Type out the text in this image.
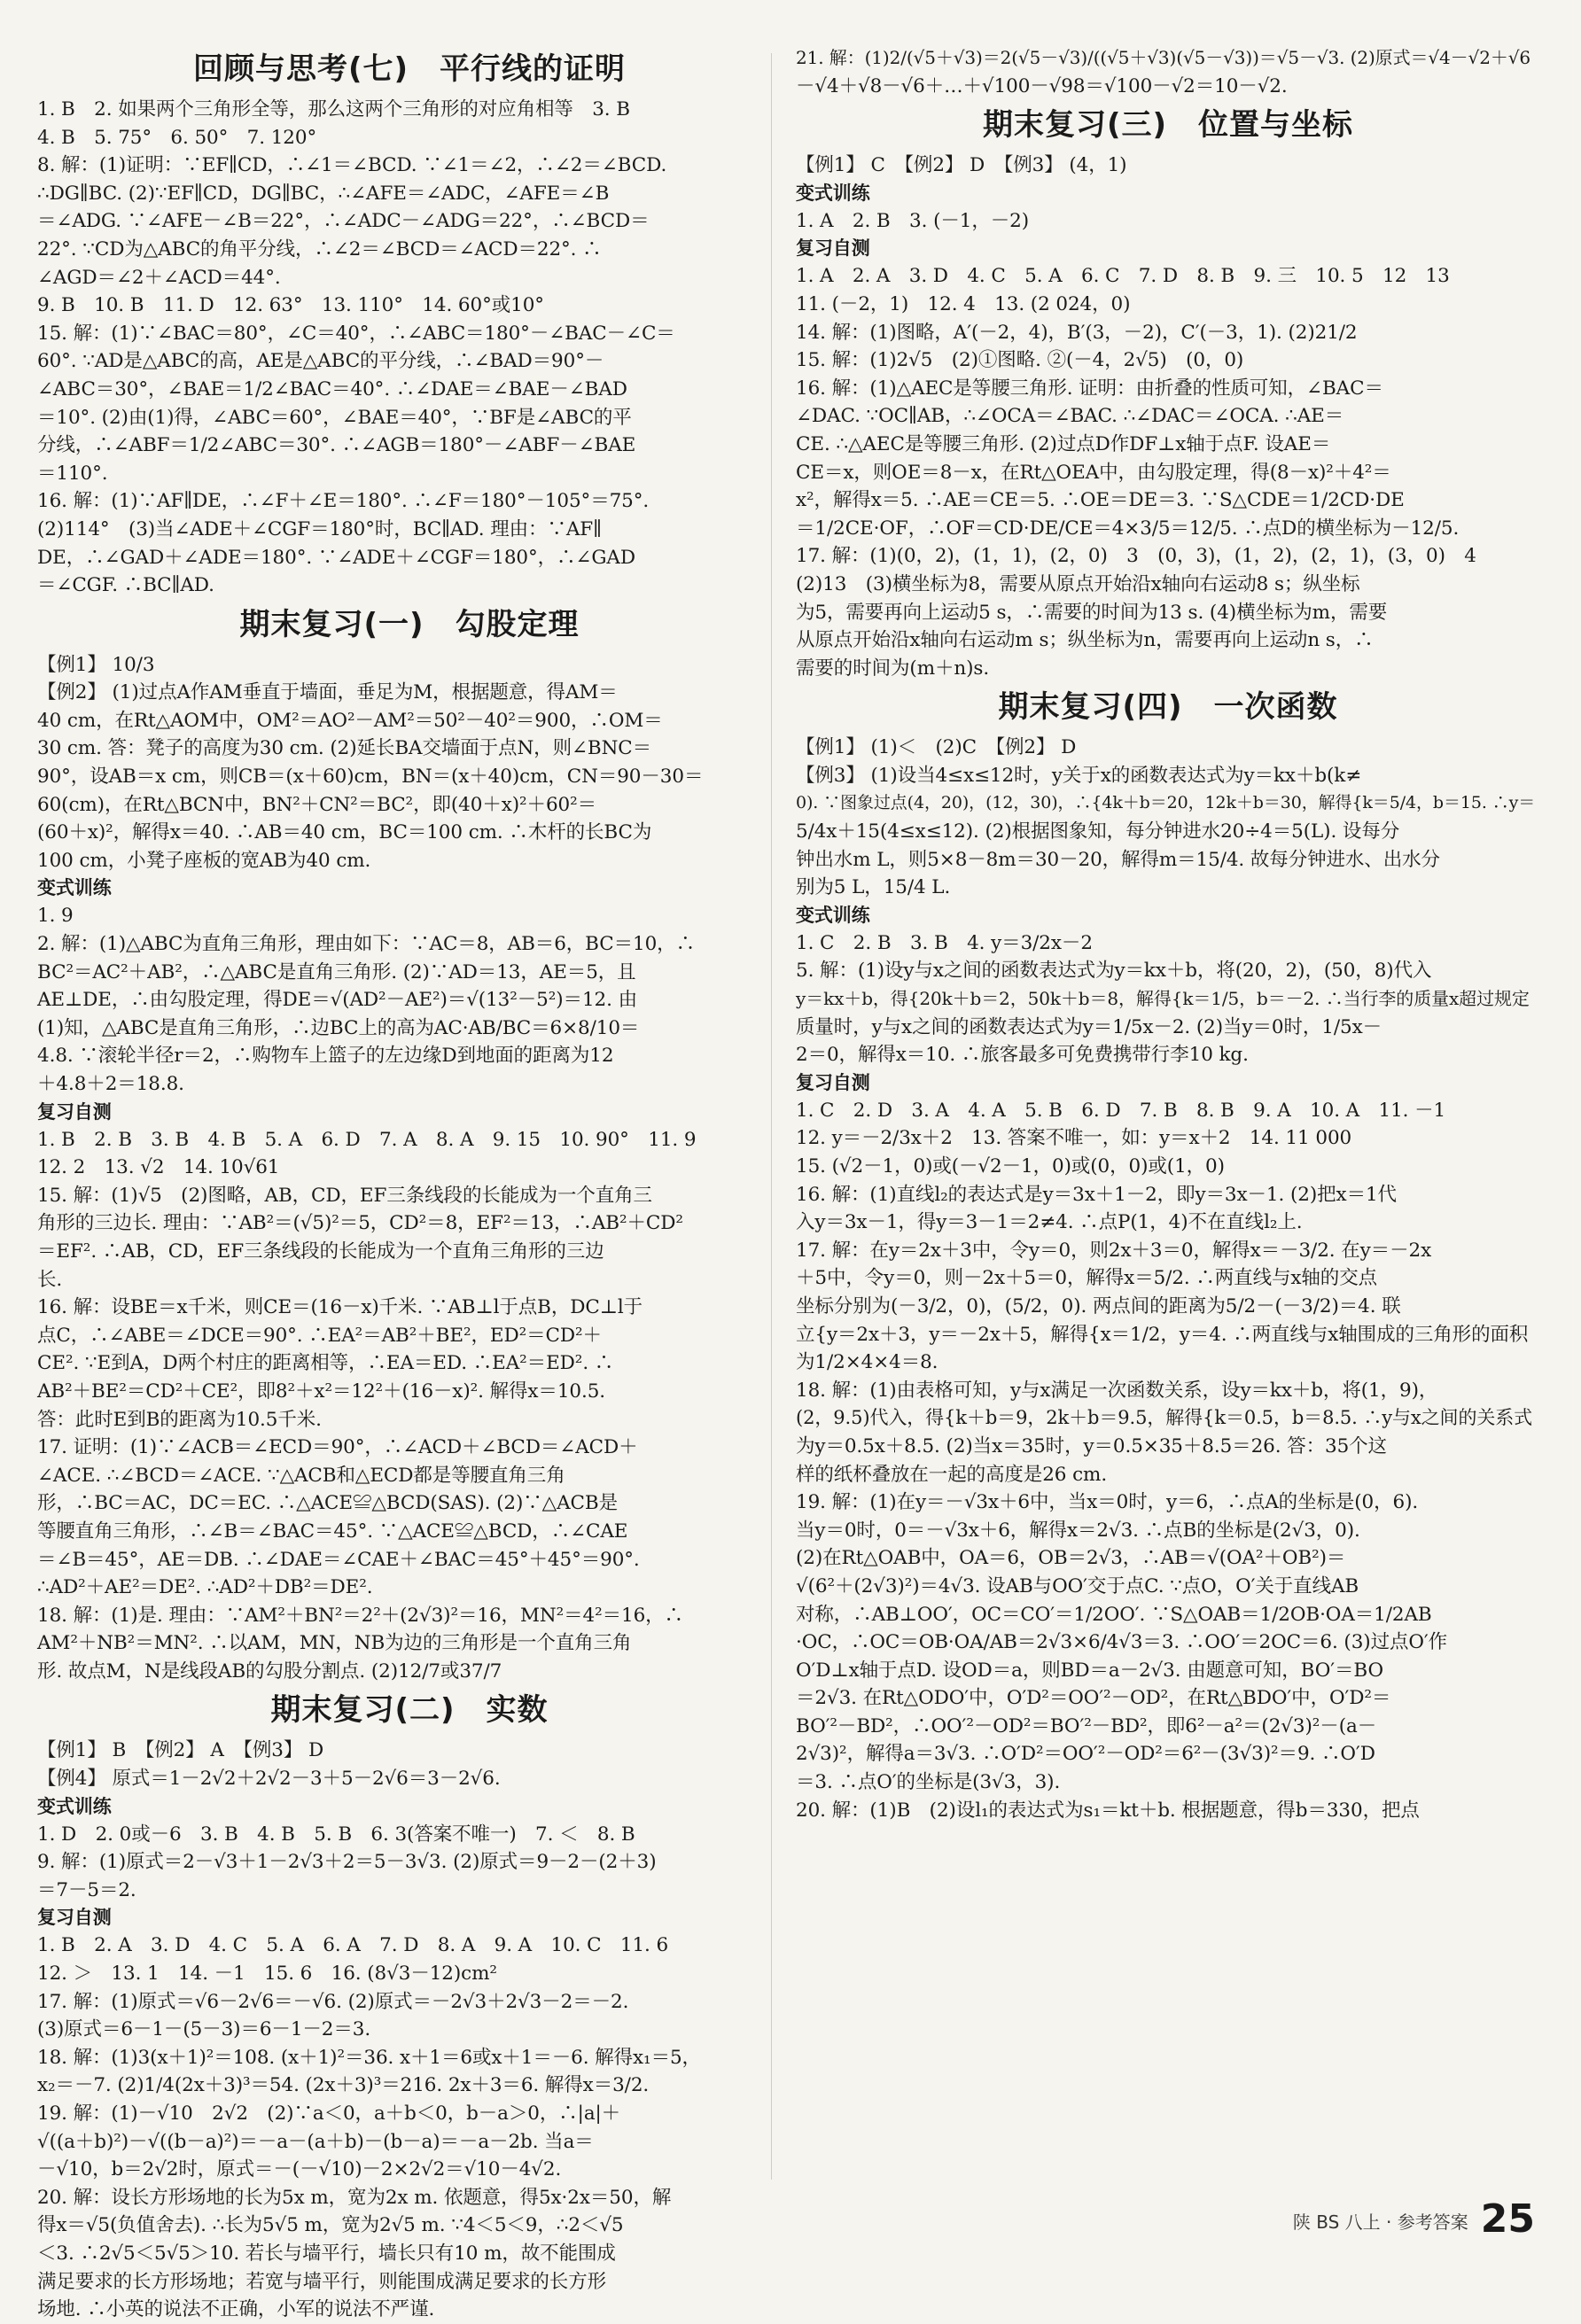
回顾与思考(七)　平行线的证明
1. B　2. 如果两个三角形全等，那么这两个三角形的对应角相等　3. B
4. B　5. 75°　6. 50°　7. 120°
8. 解：(1)证明：∵EF∥CD，∴∠1＝∠BCD. ∵∠1＝∠2，∴∠2＝∠BCD.
∴DG∥BC. (2)∵EF∥CD，DG∥BC，∴∠AFE＝∠ADC，∠AFE＝∠B
＝∠ADG. ∵∠AFE－∠B＝22°，∴∠ADC－∠ADG＝22°，∴∠BCD＝
22°. ∵CD为△ABC的角平分线，∴∠2＝∠BCD＝∠ACD＝22°. ∴
∠AGD＝∠2＋∠ACD＝44°.
9. B　10. B　11. D　12. 63°　13. 110°　14. 60°或10°
15. 解：(1)∵∠BAC＝80°，∠C＝40°，∴∠ABC＝180°－∠BAC－∠C＝
60°. ∵AD是△ABC的高，AE是△ABC的平分线，∴∠BAD＝90°－
∠ABC＝30°，∠BAE＝1/2∠BAC＝40°. ∴∠DAE＝∠BAE－∠BAD
＝10°. (2)由(1)得，∠ABC＝60°，∠BAE＝40°，∵BF是∠ABC的平
分线，∴∠ABF＝1/2∠ABC＝30°. ∴∠AGB＝180°－∠ABF－∠BAE
＝110°.
16. 解：(1)∵AF∥DE，∴∠F＋∠E＝180°. ∴∠F＝180°－105°＝75°.
(2)114°　(3)当∠ADE＋∠CGF＝180°时，BC∥AD. 理由：∵AF∥
DE，∴∠GAD＋∠ADE＝180°. ∵∠ADE＋∠CGF＝180°，∴∠GAD
＝∠CGF. ∴BC∥AD.
期末复习(一)　勾股定理
【例1】 10/3
【例2】 (1)过点A作AM垂直于墙面，垂足为M，根据题意，得AM＝
40 cm，在Rt△AOM中，OM²＝AO²－AM²＝50²－40²＝900，∴OM＝
30 cm. 答：凳子的高度为30 cm. (2)延长BA交墙面于点N，则∠BNC＝
90°，设AB＝x cm，则CB＝(x＋60)cm，BN＝(x＋40)cm，CN＝90－30＝
60(cm)，在Rt△BCN中，BN²＋CN²＝BC²，即(40＋x)²＋60²＝
(60＋x)²，解得x＝40. ∴AB＝40 cm，BC＝100 cm. ∴木杆的长BC为
100 cm，小凳子座板的宽AB为40 cm.
变式训练
1. 9
2. 解：(1)△ABC为直角三角形，理由如下：∵AC＝8，AB＝6，BC＝10，∴
BC²＝AC²＋AB²，∴△ABC是直角三角形. (2)∵AD＝13，AE＝5，且
AE⊥DE，∴由勾股定理，得DE＝√(AD²－AE²)＝√(13²－5²)＝12. 由
(1)知，△ABC是直角三角形，∴边BC上的高为AC·AB/BC＝6×8/10＝
4.8. ∵滚轮半径r＝2，∴购物车上篮子的左边缘D到地面的距离为12
＋4.8＋2＝18.8.
复习自测
1. B　2. B　3. B　4. B　5. A　6. D　7. A　8. A　9. 15　10. 90°　11. 9
12. 2　13. √2　14. 10√61
15. 解：(1)√5　(2)图略，AB，CD，EF三条线段的长能成为一个直角三
角形的三边长. 理由：∵AB²＝(√5)²＝5，CD²＝8，EF²＝13，∴AB²＋CD²
＝EF². ∴AB，CD，EF三条线段的长能成为一个直角三角形的三边
长.
16. 解：设BE＝x千米，则CE＝(16－x)千米. ∵AB⊥l于点B，DC⊥l于
点C，∴∠ABE＝∠DCE＝90°. ∴EA²＝AB²＋BE²，ED²＝CD²＋
CE². ∵E到A，D两个村庄的距离相等，∴EA＝ED. ∴EA²＝ED². ∴
AB²＋BE²＝CD²＋CE²，即8²＋x²＝12²＋(16－x)². 解得x＝10.5.
答：此时E到B的距离为10.5千米.
17. 证明：(1)∵∠ACB＝∠ECD＝90°，∴∠ACD＋∠BCD＝∠ACD＋
∠ACE. ∴∠BCD＝∠ACE. ∵△ACB和△ECD都是等腰直角三角
形，∴BC＝AC，DC＝EC. ∴△ACE≌△BCD(SAS). (2)∵△ACB是
等腰直角三角形，∴∠B＝∠BAC＝45°. ∵△ACE≌△BCD，∴∠CAE
＝∠B＝45°，AE＝DB. ∴∠DAE＝∠CAE＋∠BAC＝45°＋45°＝90°.
∴AD²＋AE²＝DE². ∴AD²＋DB²＝DE².
18. 解：(1)是. 理由：∵AM²＋BN²＝2²＋(2√3)²＝16，MN²＝4²＝16，∴
AM²＋NB²＝MN². ∴以AM，MN，NB为边的三角形是一个直角三角
形. 故点M，N是线段AB的勾股分割点. (2)12/7或37/7
期末复习(二)　实数
【例1】 B　【例2】 A　【例3】 D
【例4】 原式＝1－2√2＋2√2－3＋5－2√6＝3－2√6.
变式训练
1. D　2. 0或－6　3. B　4. B　5. B　6. 3(答案不唯一)　7. ＜　8. B
9. 解：(1)原式＝2－√3＋1－2√3＋2＝5－3√3. (2)原式＝9－2－(2＋3)
＝7－5＝2.
复习自测
1. B　2. A　3. D　4. C　5. A　6. A　7. D　8. A　9. A　10. C　11. 6
12. ＞　13. 1　14. －1　15. 6　16. (8√3－12)cm²
17. 解：(1)原式＝√6－2√6＝－√6. (2)原式＝－2√3＋2√3－2＝－2.
(3)原式＝6－1－(5－3)＝6－1－2＝3.
18. 解：(1)3(x＋1)²＝108. (x＋1)²＝36. x＋1＝6或x＋1＝－6. 解得x₁＝5，
x₂＝－7. (2)1/4(2x＋3)³＝54. (2x＋3)³＝216. 2x＋3＝6. 解得x＝3/2.
19. 解：(1)－√10　2√2　(2)∵a＜0，a＋b＜0，b－a＞0，∴|a|＋
√((a＋b)²)－√((b－a)²)＝－a－(a＋b)－(b－a)＝－a－2b. 当a＝
－√10，b＝2√2时，原式＝－(－√10)－2×2√2＝√10－4√2.
20. 解：设长方形场地的长为5x m，宽为2x m. 依题意，得5x·2x＝50，解
得x＝√5(负值舍去). ∴长为5√5 m，宽为2√5 m. ∵4＜5＜9，∴2＜√5
＜3. ∴2√5＜5√5＞10. 若长与墙平行，墙长只有10 m，故不能围成
满足要求的长方形场地；若宽与墙平行，则能围成满足要求的长方形
场地. ∴小英的说法不正确，小军的说法不严谨.
21. 解：(1)2/(√5＋√3)＝2(√5－√3)/((√5＋√3)(√5－√3))＝√5－√3. (2)原式＝√4－√2＋√6
－√4＋√8－√6＋…＋√100－√98＝√100－√2＝10－√2.
期末复习(三)　位置与坐标
【例1】 C　【例2】 D　【例3】 (4，1)
变式训练
1. A　2. B　3. (－1，－2)
复习自测
1. A　2. A　3. D　4. C　5. A　6. C　7. D　8. B　9. 三　10. 5　12　13
11. (－2，1)　12. 4　13. (2 024，0)
14. 解：(1)图略，A′(－2，4)，B′(3，－2)，C′(－3，1). (2)21/2
15. 解：(1)2√5　(2)①图略. ②(－4，2√5)　(0，0)
16. 解：(1)△AEC是等腰三角形. 证明：由折叠的性质可知，∠BAC＝
∠DAC. ∵OC∥AB，∴∠OCA＝∠BAC. ∴∠DAC＝∠OCA. ∴AE＝
CE. ∴△AEC是等腰三角形. (2)过点D作DF⊥x轴于点F. 设AE＝
CE＝x，则OE＝8－x，在Rt△OEA中，由勾股定理，得(8－x)²＋4²＝
x²，解得x＝5. ∴AE＝CE＝5. ∴OE＝DE＝3. ∵S△CDE＝1/2CD·DE
＝1/2CE·OF，∴OF＝CD·DE/CE＝4×3/5＝12/5. ∴点D的横坐标为－12/5.
17. 解：(1)(0，2)，(1，1)，(2，0)　3　(0，3)，(1，2)，(2，1)，(3，0)　4
(2)13　(3)横坐标为8，需要从原点开始沿x轴向右运动8 s；纵坐标
为5，需要再向上运动5 s，∴需要的时间为13 s. (4)横坐标为m，需要
从原点开始沿x轴向右运动m s；纵坐标为n，需要再向上运动n s，∴
需要的时间为(m＋n)s.
期末复习(四)　一次函数
【例1】 (1)＜　(2)C　【例2】 D
【例3】 (1)设当4≤x≤12时，y关于x的函数表达式为y＝kx＋b(k≠
0). ∵图象过点(4，20)，(12，30)，∴{4k＋b＝20，12k＋b＝30，解得{k＝5/4，b＝15. ∴y＝
5/4x＋15(4≤x≤12). (2)根据图象知，每分钟进水20÷4＝5(L). 设每分
钟出水m L，则5×8－8m＝30－20，解得m＝15/4. 故每分钟进水、出水分
别为5 L，15/4 L.
变式训练
1. C　2. B　3. B　4. y＝3/2x－2
5. 解：(1)设y与x之间的函数表达式为y＝kx＋b，将(20，2)，(50，8)代入
y＝kx＋b，得{20k＋b＝2，50k＋b＝8，解得{k＝1/5，b＝－2. ∴当行李的质量x超过规定
质量时，y与x之间的函数表达式为y＝1/5x－2. (2)当y＝0时，1/5x－
2＝0，解得x＝10. ∴旅客最多可免费携带行李10 kg.
复习自测
1. C　2. D　3. A　4. A　5. B　6. D　7. B　8. B　9. A　10. A　11. －1
12. y＝－2/3x＋2　13. 答案不唯一，如：y＝x＋2　14. 11 000
15. (√2－1，0)或(－√2－1，0)或(0，0)或(1，0)
16. 解：(1)直线l₂的表达式是y＝3x＋1－2，即y＝3x－1. (2)把x＝1代
入y＝3x－1，得y＝3－1＝2≠4. ∴点P(1，4)不在直线l₂上.
17. 解：在y＝2x＋3中，令y＝0，则2x＋3＝0，解得x＝－3/2. 在y＝－2x
＋5中，令y＝0，则－2x＋5＝0，解得x＝5/2. ∴两直线与x轴的交点
坐标分别为(－3/2，0)，(5/2，0). 两点间的距离为5/2－(－3/2)＝4. 联
立{y＝2x＋3，y＝－2x＋5，解得{x＝1/2，y＝4. ∴两直线与x轴围成的三角形的面积
为1/2×4×4＝8.
18. 解：(1)由表格可知，y与x满足一次函数关系，设y＝kx＋b，将(1，9)，
(2，9.5)代入，得{k＋b＝9，2k＋b＝9.5，解得{k＝0.5，b＝8.5. ∴y与x之间的关系式
为y＝0.5x＋8.5. (2)当x＝35时，y＝0.5×35＋8.5＝26. 答：35个这
样的纸杯叠放在一起的高度是26 cm.
19. 解：(1)在y＝－√3x＋6中，当x＝0时，y＝6，∴点A的坐标是(0，6).
当y＝0时，0＝－√3x＋6，解得x＝2√3. ∴点B的坐标是(2√3，0).
(2)在Rt△OAB中，OA＝6，OB＝2√3，∴AB＝√(OA²＋OB²)＝
√(6²＋(2√3)²)＝4√3. 设AB与OO′交于点C. ∵点O，O′关于直线AB
对称，∴AB⊥OO′，OC＝CO′＝1/2OO′. ∵S△OAB＝1/2OB·OA＝1/2AB
·OC，∴OC＝OB·OA/AB＝2√3×6/4√3＝3. ∴OO′＝2OC＝6. (3)过点O′作
O′D⊥x轴于点D. 设OD＝a，则BD＝a－2√3. 由题意可知，BO′＝BO
＝2√3. 在Rt△ODO′中，O′D²＝OO′²－OD²，在Rt△BDO′中，O′D²＝
BO′²－BD²，∴OO′²－OD²＝BO′²－BD²，即6²－a²＝(2√3)²－(a－
2√3)²，解得a＝3√3. ∴O′D²＝OO′²－OD²＝6²－(3√3)²＝9. ∴O′D
＝3. ∴点O′的坐标是(3√3，3).
20. 解：(1)B　(2)设l₁的表达式为s₁＝kt＋b. 根据题意，得b＝330，把点
陕 BS 八上 · 参考答案 25
